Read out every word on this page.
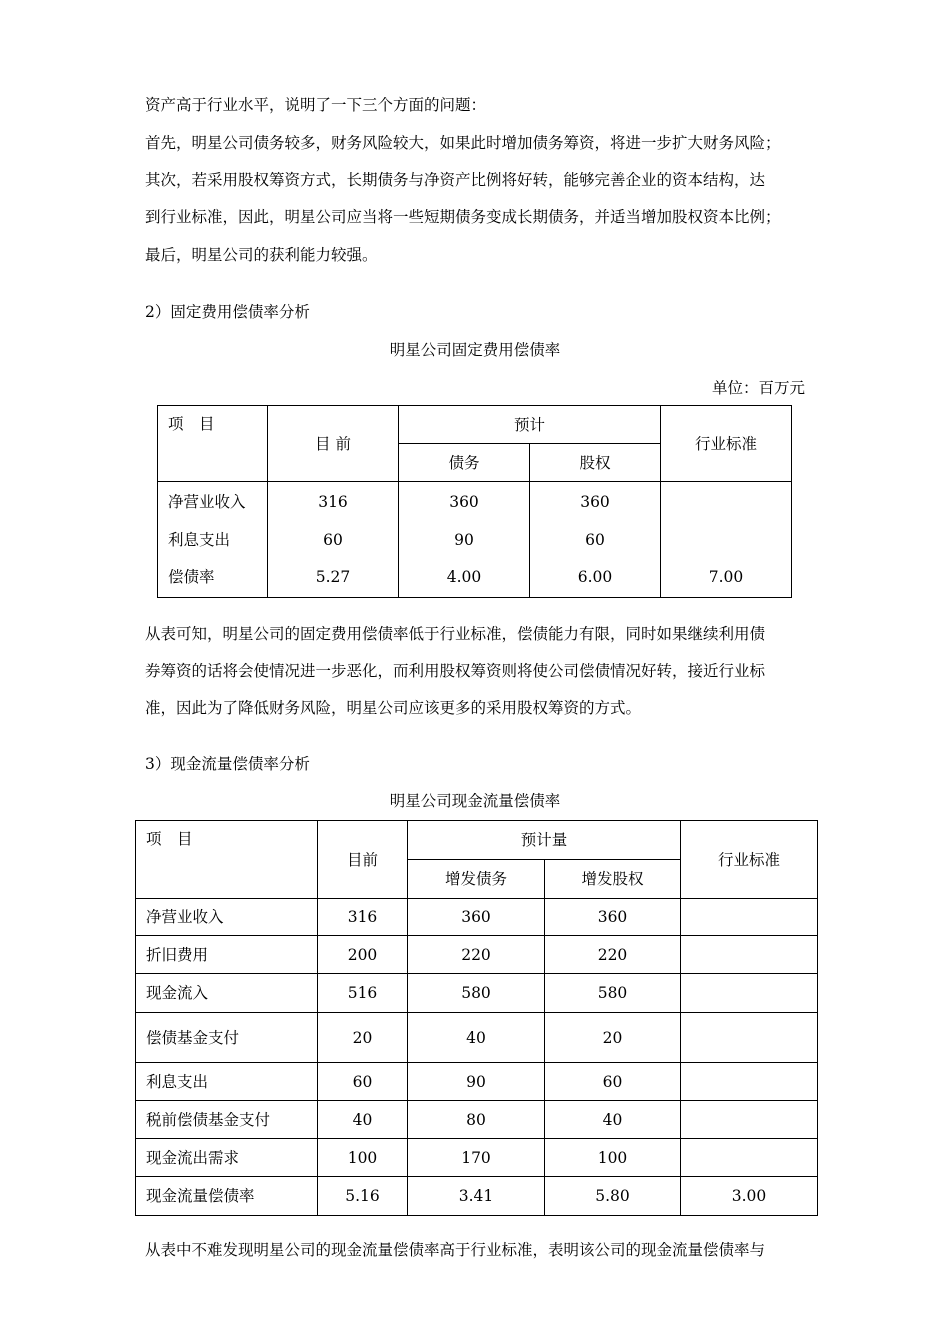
资产高于行业水平，说明了一下三个方面的问题：
首先，明星公司债务较多，财务风险较大，如果此时增加债务筹资，将进一步扩大财务风险；
其次，若采用股权筹资方式，长期债务与净资产比例将好转，能够完善企业的资本结构，达
到行业标准，因此，明星公司应当将一些短期债务变成长期债务，并适当增加股权资本比例；
最后，明星公司的获利能力较强。
2）固定费用偿债率分析
明星公司固定费用偿债率
单位：百万元
项　目	目 前	预计		行业标准
		债务	股权	
净营业收入	316	360	360	
利息支出	60	90	60	
偿债率	5.27	4.00	6.00	7.00
从表可知，明星公司的固定费用偿债率低于行业标准，偿债能力有限，同时如果继续利用债
券筹资的话将会使情况进一步恶化，而利用股权筹资则将使公司偿债情况好转，接近行业标
准，因此为了降低财务风险，明星公司应该更多的采用股权筹资的方式。
3）现金流量偿债率分析
明星公司现金流量偿债率
项　目	目前	预计量		行业标准
		增发债务	增发股权	
净营业收入	316	360	360	
折旧费用	200	220	220	
现金流入	516	580	580	
偿债基金支付	20	40	20	
利息支出	60	90	60	
税前偿债基金支付	40	80	40	
现金流出需求	100	170	100	
现金流量偿债率	5.16	3.41	5.80	3.00
从表中不难发现明星公司的现金流量偿债率高于行业标准，表明该公司的现金流量偿债率与
